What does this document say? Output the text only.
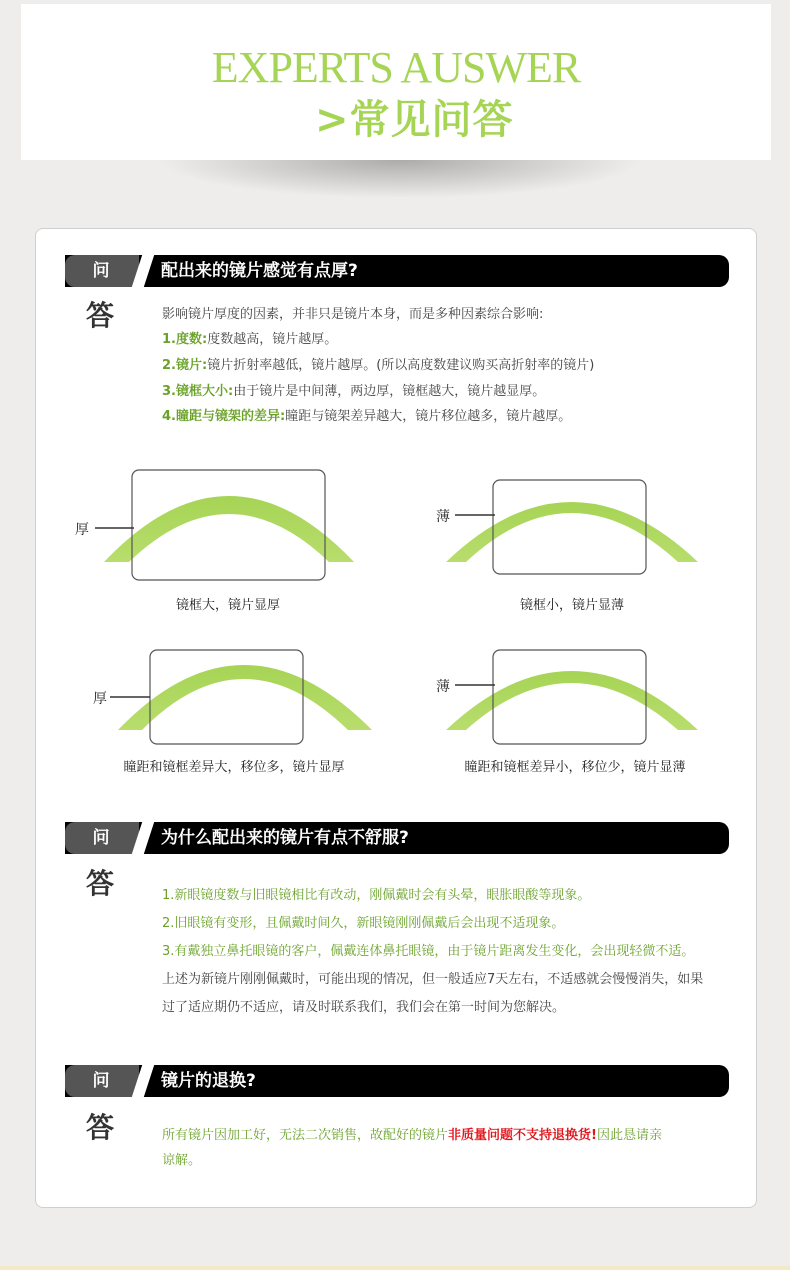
EXPERTS AUSWER
>常见问答
问	配出来的镜片感觉有点厚?
答	影响镜片厚度的因素，并非只是镜片本身，而是多种因素综合影响:
1.度数:度数越高，镜片越厚。
2.镜片:镜片折射率越低，镜片越厚。(所以高度数建议购买高折射率的镜片)
3.镜框大小:由于镜片是中间薄，两边厚，镜框越大，镜片越显厚。
4.瞳距与镜架的差异:瞳距与镜架差异越大，镜片移位越多，镜片越厚。
厚
薄
厚
薄
镜框大，镜片显厚	镜框小，镜片显薄
瞳距和镜框差异大，移位多，镜片显厚	瞳距和镜框差异小，移位少，镜片显薄
问	为什么配出来的镜片有点不舒服?
答	1.新眼镜度数与旧眼镜相比有改动，刚佩戴时会有头晕，眼胀眼酸等现象。
2.旧眼镜有变形，且佩戴时间久，新眼镜刚刚佩戴后会出现不适现象。
3.有戴独立鼻托眼镜的客户，佩戴连体鼻托眼镜，由于镜片距离发生变化，会出现轻微不适。
上述为新镜片刚刚佩戴时，可能出现的情况，但一般适应7天左右，不适感就会慢慢消失，如果
过了适应期仍不适应，请及时联系我们，我们会在第一时间为您解决。
问	镜片的退换?
答	所有镜片因加工好，无法二次销售，故配好的镜片非质量问题不支持退换货!因此恳请亲
谅解。
